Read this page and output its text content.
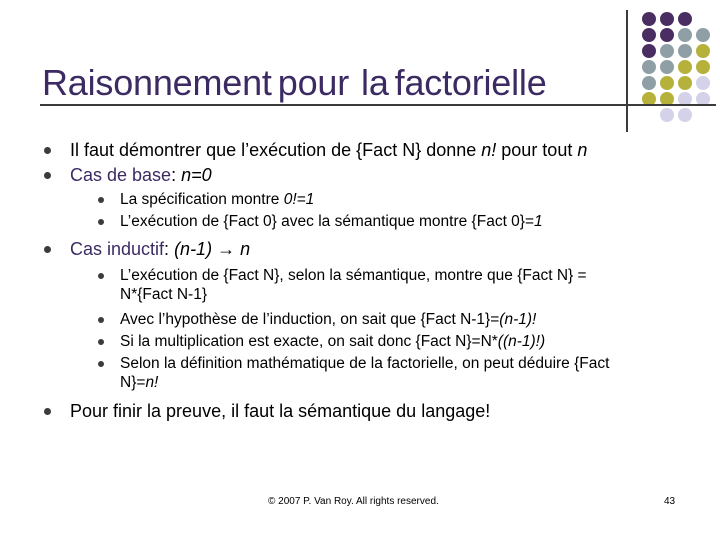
Raisonnement pour la factorielle
Il faut démontrer que l’exécution de {Fact N} donne n! pour tout n
Cas de base: n=0
La spécification montre 0!=1
L’exécution de {Fact 0} avec la sémantique montre {Fact 0}=1
Cas inductif: (n-1) → n
L’exécution de {Fact N}, selon la sémantique, montre que {Fact N} =
N*{Fact N-1}
Avec l’hypothèse de l’induction, on sait que {Fact N-1}=(n-1)!
Si la multiplication est exacte, on sait donc {Fact N}=N*((n-1)!)
Selon la définition mathématique de la factorielle, on peut déduire {Fact
N}=n!
Pour finir la preuve, il faut la sémantique du langage!
© 2007 P. Van Roy. All rights reserved.	43
